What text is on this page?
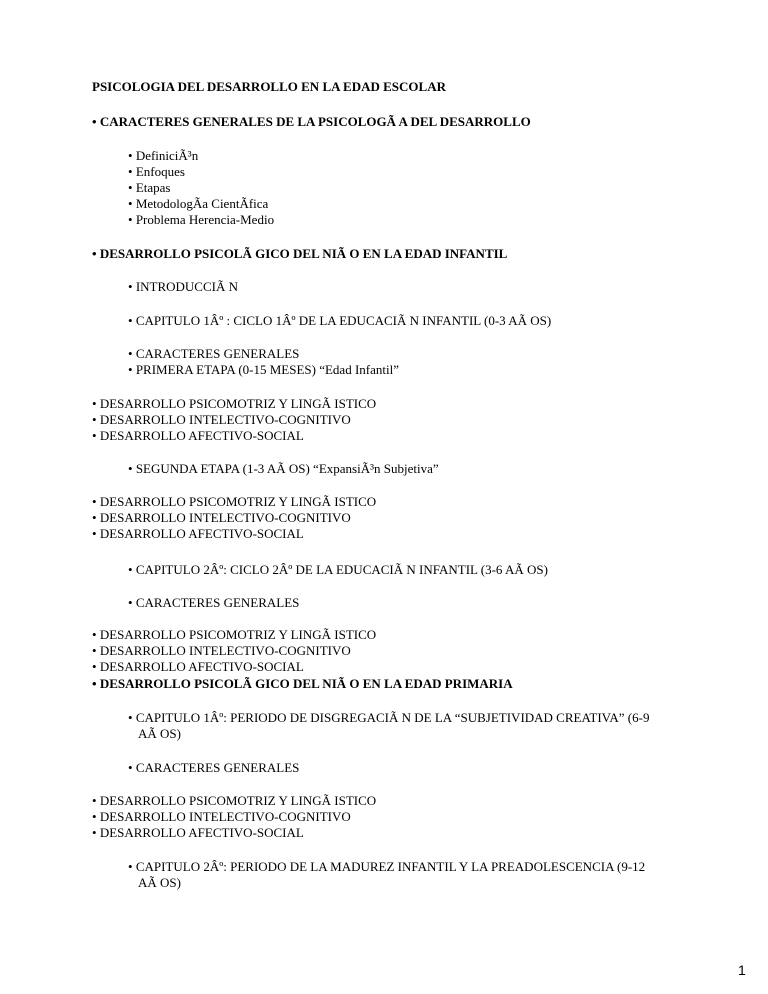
PSICOLOGIA DEL DESARROLLO EN LA EDAD ESCOLAR
• CARACTERES GENERALES DE LA PSICOLOGÃ A DEL DESARROLLO
• DefiniciÃ³n
• Enfoques
• Etapas
• MetodologÃa CientÃfica
• Problema Herencia-Medio
• DESARROLLO PSICOLÃ GICO DEL NIÃ O EN LA EDAD INFANTIL
• INTRODUCCIÃ N
• CAPITULO 1Âº : CICLO 1Âº DE LA EDUCACIÃ N INFANTIL (0-3 AÃ OS)
• CARACTERES GENERALES
• PRIMERA ETAPA (0-15 MESES) “Edad Infantil”
• DESARROLLO PSICOMOTRIZ Y LINGÃ ISTICO
• DESARROLLO INTELECTIVO-COGNITIVO
• DESARROLLO AFECTIVO-SOCIAL
• SEGUNDA ETAPA (1-3 AÃ OS) “ExpansiÃ³n Subjetiva”
• DESARROLLO PSICOMOTRIZ Y LINGÃ ISTICO
• DESARROLLO INTELECTIVO-COGNITIVO
• DESARROLLO AFECTIVO-SOCIAL
• CAPITULO 2Âº: CICLO 2Âº DE LA EDUCACIÃ N INFANTIL (3-6 AÃ OS)
• CARACTERES GENERALES
• DESARROLLO PSICOMOTRIZ Y LINGÃ ISTICO
• DESARROLLO INTELECTIVO-COGNITIVO
• DESARROLLO AFECTIVO-SOCIAL
• DESARROLLO PSICOLÃ GICO DEL NIÃ O EN LA EDAD PRIMARIA
• CAPITULO 1Âº: PERIODO DE DISGREGACIÃ N DE LA “SUBJETIVIDAD CREATIVA” (6-9
AÃ OS)
• CARACTERES GENERALES
• DESARROLLO PSICOMOTRIZ Y LINGÃ ISTICO
• DESARROLLO INTELECTIVO-COGNITIVO
• DESARROLLO AFECTIVO-SOCIAL
• CAPITULO 2Âº: PERIODO DE LA MADUREZ INFANTIL Y LA PREADOLESCENCIA (9-12
AÃ OS)
1
